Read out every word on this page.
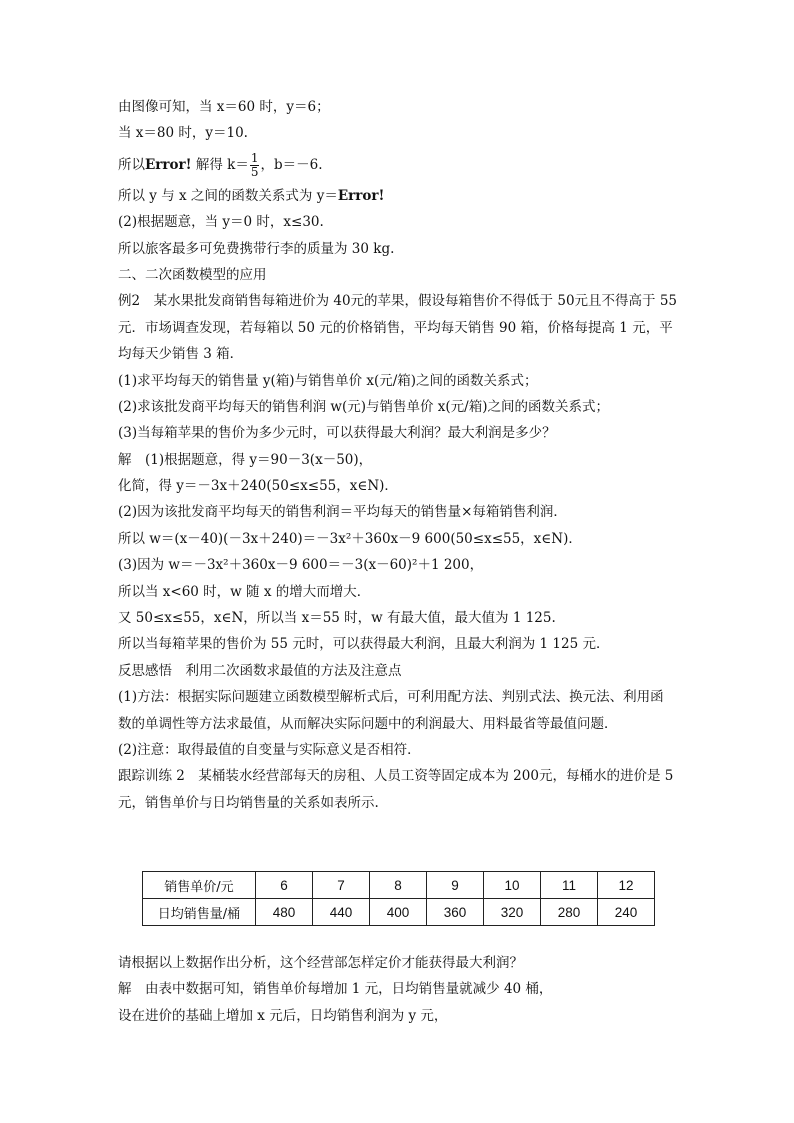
由图像可知，当 x＝60 时，y＝6；
当 x＝80 时，y＝10.
所以Error! 解得 $k= \frac{1}{5}$ ，b＝－6.
所以 y 与 x 之间的函数关系式为 y＝Error!
(2)根据题意，当 y＝0 时，x≤30.
所以旅客最多可免费携带行李的质量为 30 kg.
二、二次函数模型的应用
例2　某水果批发商销售每箱进价为 40元的苹果，假设每箱售价不得低于 50元且不得高于 55
元．市场调查发现，若每箱以 50 元的价格销售，平均每天销售 90 箱，价格每提高 1 元，平
均每天少销售 3 箱．
(1)求平均每天的销售量 y(箱)与销售单价 x(元/箱)之间的函数关系式；
(2)求该批发商平均每天的销售利润 w(元)与销售单价 x(元/箱)之间的函数关系式；
(3)当每箱苹果的售价为多少元时，可以获得最大利润？最大利润是多少？
解　(1)根据题意，得 y＝90－3(x－50)，
化简，得 y＝－3x＋240(50≤x≤55，x∈N)．
(2)因为该批发商平均每天的销售利润＝平均每天的销售量×每箱销售利润．
所以 w＝(x－40)(－3x＋240)＝－3x²＋360x－9 600(50≤x≤55，x∈N)．
(3)因为 w＝－3x²＋360x－9 600＝－3(x－60)²＋1 200，
所以当 x<60 时，w 随 x 的增大而增大．
又 50≤x≤55，x∈N，所以当 x＝55 时，w 有最大值，最大值为 1 125.
所以当每箱苹果的售价为 55 元时，可以获得最大利润，且最大利润为 1 125 元．
反思感悟　利用二次函数求最值的方法及注意点
(1)方法：根据实际问题建立函数模型解析式后，可利用配方法、判别式法、换元法、利用函
数的单调性等方法求最值，从而解决实际问题中的利润最大、用料最省等最值问题．
(2)注意：取得最值的自变量与实际意义是否相符．
跟踪训练 2　某桶装水经营部每天的房租、人员工资等固定成本为 200元，每桶水的进价是 5
元，销售单价与日均销售量的关系如表所示.
销售单价/元	6	7	8	9	10	11	12
日均销售量/桶	480	440	400	360	320	280	240
请根据以上数据作出分析，这个经营部怎样定价才能获得最大利润？
解　由表中数据可知，销售单价每增加 1 元，日均销售量就减少 40 桶，
设在进价的基础上增加 x 元后，日均销售利润为 y 元，
